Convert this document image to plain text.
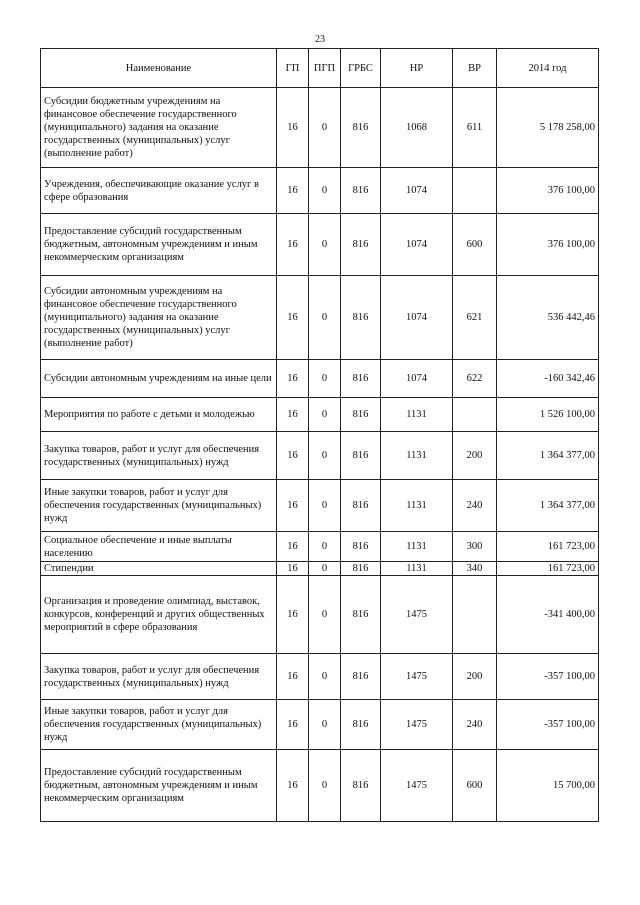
23
Наименование	ГП	ПГП	ГРБС	НР	ВР	2014 год
Субсидии бюджетным учреждениям на финансовое обеспечение государственного (муниципального) задания на оказание государственных (муниципальных) услуг (выполнение работ)	16	0	816	1068	611	5 178 258,00
Учреждения, обеспечивающие оказание услуг в сфере образования	16	0	816	1074		376 100,00
Предоставление субсидий государственным бюджетным, автономным учреждениям и иным некоммерческим организациям	16	0	816	1074	600	376 100,00
Субсидии автономным учреждениям на финансовое обеспечение государственного (муниципального) задания на оказание государственных (муниципальных) услуг (выполнение работ)	16	0	816	1074	621	536 442,46
Субсидии автономным учреждениям на иные цели	16	0	816	1074	622	-160 342,46
Мероприятия по работе с детьми и молодежью	16	0	816	1131		1 526 100,00
Закупка товаров, работ и услуг для обеспечения государственных (муниципальных) нужд	16	0	816	1131	200	1 364 377,00
Иные закупки товаров, работ и услуг для обеспечения государственных (муниципальных) нужд	16	0	816	1131	240	1 364 377,00
Социальное обеспечение и иные выплаты населению	16	0	816	1131	300	161 723,00
Стипендии	16	0	816	1131	340	161 723,00
Организация и проведение олимпиад, выставок, конкурсов, конференций и других общественных мероприятий в сфере образования	16	0	816	1475		-341 400,00
Закупка товаров, работ и услуг для обеспечения государственных (муниципальных) нужд	16	0	816	1475	200	-357 100,00
Иные закупки товаров, работ и услуг для обеспечения государственных (муниципальных) нужд	16	0	816	1475	240	-357 100,00
Предоставление субсидий государственным бюджетным, автономным учреждениям и иным некоммерческим организациям	16	0	816	1475	600	15 700,00
